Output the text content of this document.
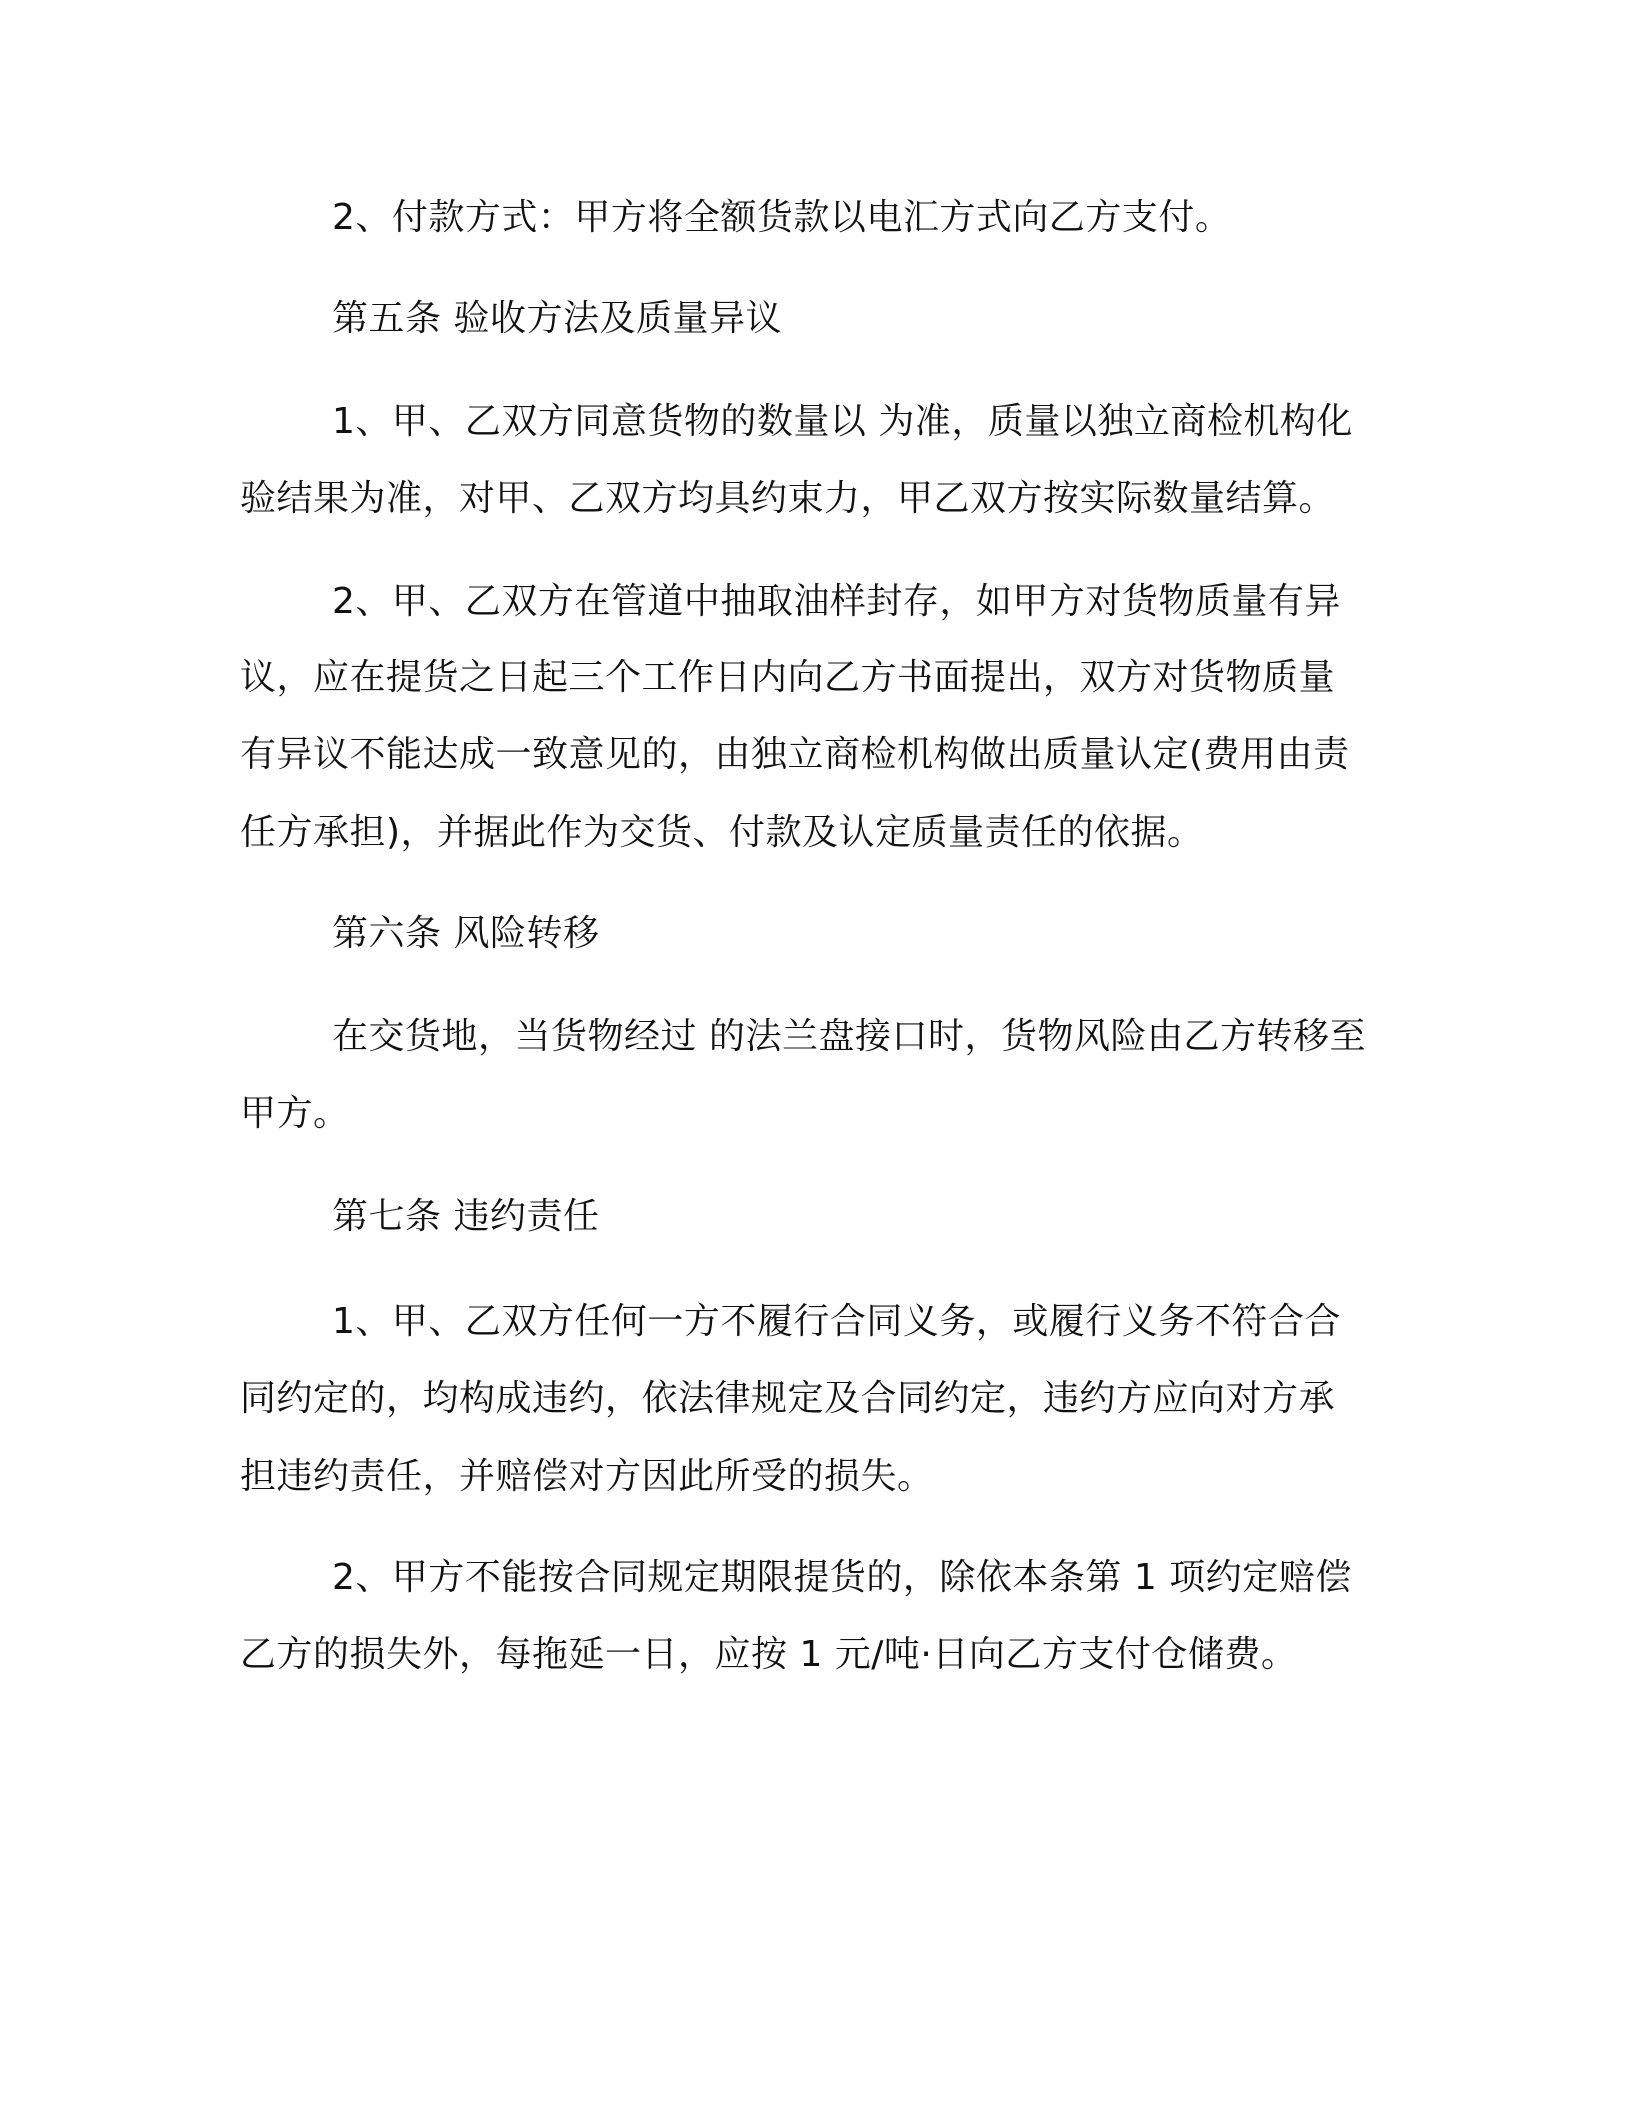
2、付款方式：甲方将全额货款以电汇方式向乙方支付。

第五条 验收方法及质量异议

1、甲、乙双方同意货物的数量以 为准，质量以独立商检机构化

验结果为准，对甲、乙双方均具约束力，甲乙双方按实际数量结算。

2、甲、乙双方在管道中抽取油样封存，如甲方对货物质量有异

议，应在提货之日起三个工作日内向乙方书面提出，双方对货物质量

有异议不能达成一致意见的，由独立商检机构做出质量认定(费用由责

任方承担)，并据此作为交货、付款及认定质量责任的依据。

第六条 风险转移

在交货地，当货物经过 的法兰盘接口时，货物风险由乙方转移至

甲方。

第七条 违约责任

1、甲、乙双方任何一方不履行合同义务，或履行义务不符合合

同约定的，均构成违约，依法律规定及合同约定，违约方应向对方承

担违约责任，并赔偿对方因此所受的损失。

2、甲方不能按合同规定期限提货的，除依本条第 1 项约定赔偿

乙方的损失外，每拖延一日，应按 1 元/吨·日向乙方支付仓储费。
